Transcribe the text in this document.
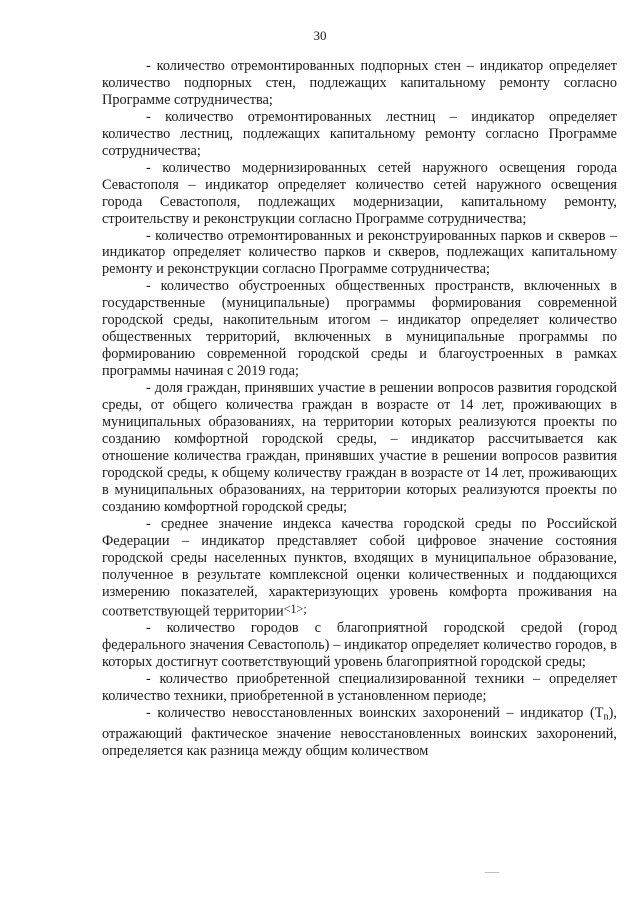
30

- количество отремонтированных подпорных стен – индикатор определяет количество подпорных стен, подлежащих капитальному ремонту согласно Программе сотрудничества;

- количество отремонтированных лестниц – индикатор определяет количество лестниц, подлежащих капитальному ремонту согласно Программе сотрудничества;

- количество модернизированных сетей наружного освещения города Севастополя – индикатор определяет количество сетей наружного освещения города Севастополя, подлежащих модернизации, капитальному ремонту, строительству и реконструкции согласно Программе сотрудничества;

- количество отремонтированных и реконструированных парков и скверов – индикатор определяет количество парков и скверов, подлежащих капитальному ремонту и реконструкции согласно Программе сотрудничества;

- количество обустроенных общественных пространств, включенных в государственные (муниципальные) программы формирования современной городской среды, накопительным итогом – индикатор определяет количество общественных территорий, включенных в муниципальные программы по формированию современной городской среды и благоустроенных в рамках программы начиная с 2019 года;

- доля граждан, принявших участие в решении вопросов развития городской среды, от общего количества граждан в возрасте от 14 лет, проживающих в муниципальных образованиях, на территории которых реализуются проекты по созданию комфортной городской среды, – индикатор рассчитывается как отношение количества граждан, принявших участие в решении вопросов развития городской среды, к общему количеству граждан в возрасте от 14 лет, проживающих в муниципальных образованиях, на территории которых реализуются проекты по созданию комфортной городской среды;

- среднее значение индекса качества городской среды по Российской Федерации – индикатор представляет собой цифровое значение состояния городской среды населенных пунктов, входящих в муниципальное образование, полученное в результате комплексной оценки количественных и поддающихся измерению показателей, характеризующих уровень комфорта проживания на соответствующей территории$^{<1>;}$

- количество городов с благоприятной городской средой (город федерального значения Севастополь) – индикатор определяет количество городов, в которых достигнут соответствующий уровень благоприятной городской среды;

- количество приобретенной специализированной техники – определяет количество техники, приобретенной в установленном периоде;

- количество невосстановленных воинских захоронений – индикатор $(Т_n)$, отражающий фактическое значение невосстановленных воинских захоронений, определяется как разница между общим количеством
